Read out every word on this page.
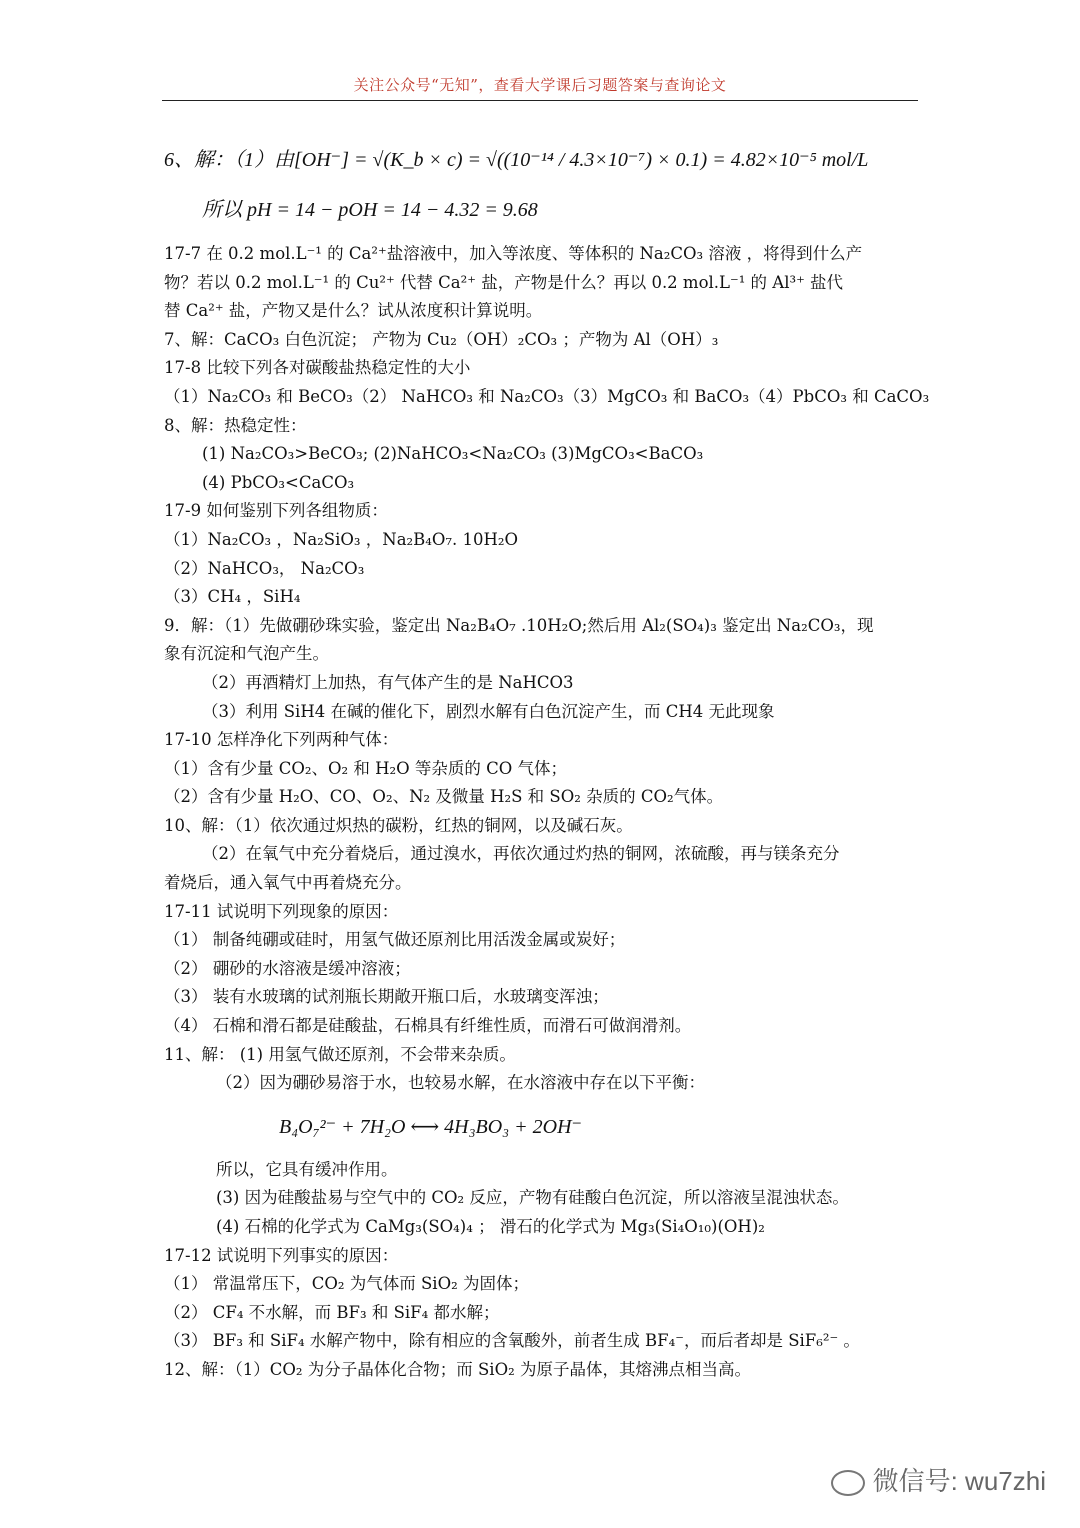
关注公众号“无知”，查看大学课后习题答案与查询论文
6、解：（1）由[OH⁻] = √(K_b × c) = √((10⁻¹⁴ / 4.3×10⁻⁷) × 0.1) = 4.82×10⁻⁵ mol/L
所以 pH = 14 − pOH = 14 − 4.32 = 9.68
17-7 在 0.2 mol.L⁻¹ 的 Ca²⁺盐溶液中，加入等浓度、等体积的 Na₂CO₃ 溶液 ，将得到什么产
物？若以 0.2 mol.L⁻¹ 的 Cu²⁺ 代替 Ca²⁺ 盐，产物是什么？再以 0.2 mol.L⁻¹ 的 Al³⁺ 盐代
替 Ca²⁺ 盐，产物又是什么？试从浓度积计算说明。
7、解：CaCO₃ 白色沉淀； 产物为 Cu₂（OH）₂CO₃ ；产物为 Al（OH）₃
17-8 比较下列各对碳酸盐热稳定性的大小
（1）Na₂CO₃ 和 BeCO₃（2） NaHCO₃ 和 Na₂CO₃（3）MgCO₃ 和 BaCO₃（4）PbCO₃ 和 CaCO₃
8、解：热稳定性：
(1) Na₂CO₃>BeCO₃; (2)NaHCO₃<Na₂CO₃ (3)MgCO₃<BaCO₃
(4) PbCO₃<CaCO₃
17-9 如何鉴别下列各组物质：
（1）Na₂CO₃ ，Na₂SiO₃ ，Na₂B₄O₇. 10H₂O
（2）NaHCO₃， Na₂CO₃
（3）CH₄ ，SiH₄
9．解：（1）先做硼砂珠实验，鉴定出 Na₂B₄O₇ .10H₂O;然后用 Al₂(SO₄)₃ 鉴定出 Na₂CO₃，现
象有沉淀和气泡产生。
（2）再酒精灯上加热，有气体产生的是 NaHCO3
（3）利用 SiH4 在碱的催化下，剧烈水解有白色沉淀产生，而 CH4 无此现象
17-10 怎样净化下列两种气体：
（1）含有少量 CO₂、O₂ 和 H₂O 等杂质的 CO 气体；
（2）含有少量 H₂O、CO、O₂、N₂ 及微量 H₂S 和 SO₂ 杂质的 CO₂气体。
10、解：（1）依次通过炽热的碳粉，红热的铜网，以及碱石灰。
（2）在氧气中充分着烧后，通过溴水，再依次通过灼热的铜网，浓硫酸，再与镁条充分
着烧后，通入氧气中再着烧充分。
17-11 试说明下列现象的原因：
（1） 制备纯硼或硅时，用氢气做还原剂比用活泼金属或炭好；
（2） 硼砂的水溶液是缓冲溶液；
（3） 装有水玻璃的试剂瓶长期敞开瓶口后，水玻璃变浑浊；
（4） 石棉和滑石都是硅酸盐，石棉具有纤维性质，而滑石可做润滑剂。
11、解： (1) 用氢气做还原剂，不会带来杂质。
（2）因为硼砂易溶于水，也较易水解，在水溶液中存在以下平衡：
B₄O₇²⁻ + 7H₂O ⟷ 4H₃BO₃ + 2OH⁻
所以，它具有缓冲作用。
(3) 因为硅酸盐易与空气中的 CO₂ 反应，产物有硅酸白色沉淀，所以溶液呈混浊状态。
(4) 石棉的化学式为 CaMg₃(SO₄)₄ ； 滑石的化学式为 Mg₃(Si₄O₁₀)(OH)₂
17-12 试说明下列事实的原因：
（1） 常温常压下，CO₂ 为气体而 SiO₂ 为固体；
（2） CF₄ 不水解，而 BF₃ 和 SiF₄ 都水解；
（3） BF₃ 和 SiF₄ 水解产物中，除有相应的含氧酸外，前者生成 BF₄⁻，而后者却是 SiF₆²⁻ 。
12、解：（1）CO₂ 为分子晶体化合物；而 SiO₂ 为原子晶体，其熔沸点相当高。
微信号: wu7zhi
